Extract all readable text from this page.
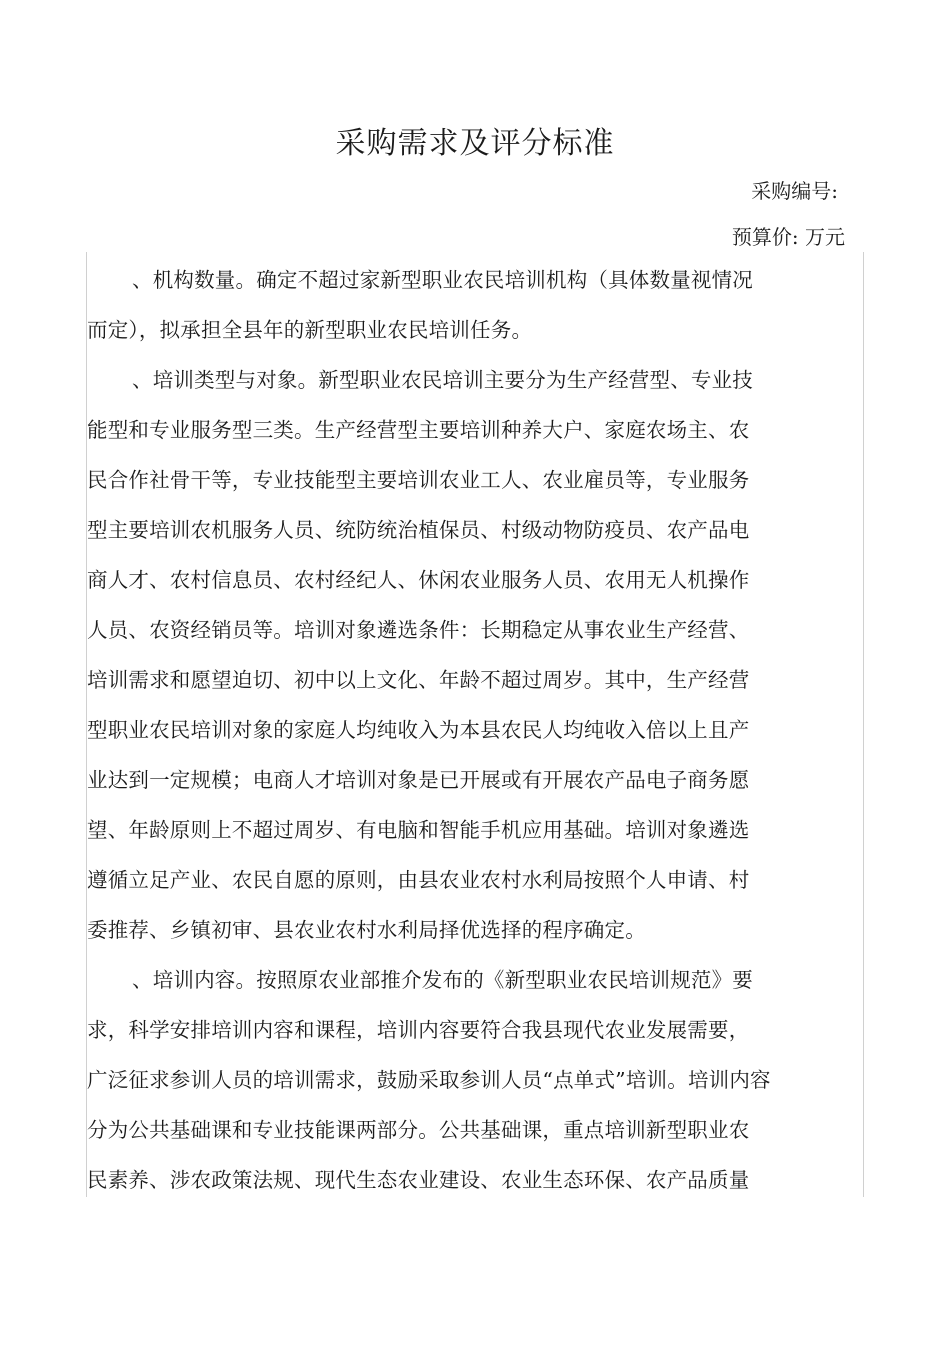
采购需求及评分标准
采购编号:
预算价: 万元
、机构数量。确定不超过家新型职业农民培训机构（具体数量视情况
而定），拟承担全县年的新型职业农民培训任务。
、培训类型与对象。新型职业农民培训主要分为生产经营型、专业技
能型和专业服务型三类。生产经营型主要培训种养大户、家庭农场主、农
民合作社骨干等，专业技能型主要培训农业工人、农业雇员等，专业服务
型主要培训农机服务人员、统防统治植保员、村级动物防疫员、农产品电
商人才、农村信息员、农村经纪人、休闲农业服务人员、农用无人机操作
人员、农资经销员等。培训对象遴选条件：长期稳定从事农业生产经营、
培训需求和愿望迫切、初中以上文化、年龄不超过周岁。其中，生产经营
型职业农民培训对象的家庭人均纯收入为本县农民人均纯收入倍以上且产
业达到一定规模；电商人才培训对象是已开展或有开展农产品电子商务愿
望、年龄原则上不超过周岁、有电脑和智能手机应用基础。培训对象遴选
遵循立足产业、农民自愿的原则，由县农业农村水利局按照个人申请、村
委推荐、乡镇初审、县农业农村水利局择优选择的程序确定。
、培训内容。按照原农业部推介发布的《新型职业农民培训规范》要
求，科学安排培训内容和课程，培训内容要符合我县现代农业发展需要，
广泛征求参训人员的培训需求，鼓励采取参训人员“点单式”培训。培训内容
分为公共基础课和专业技能课两部分。公共基础课，重点培训新型职业农
民素养、涉农政策法规、现代生态农业建设、农业生态环保、农产品质量
